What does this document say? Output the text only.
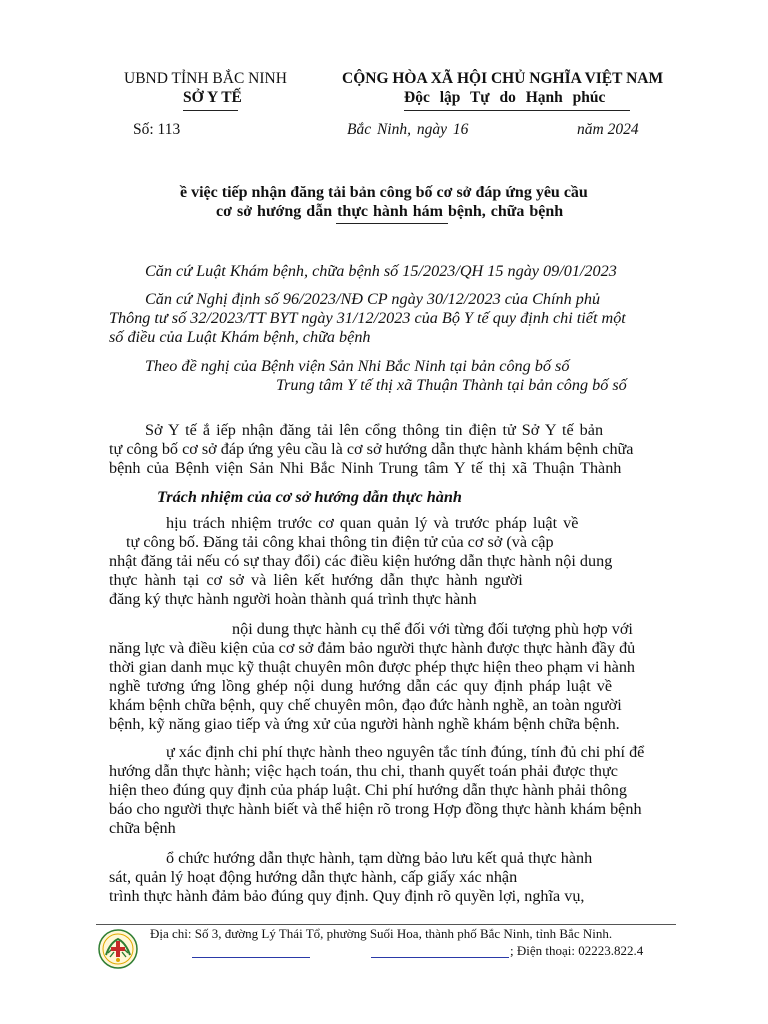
UBND TỈNH BẮC NINH
SỞ Y TẾ
CỘNG HÒA XÃ HỘI CHỦ NGHĨA VIỆT NAM
Độc lập Tự do Hạnh phúc
Số: 113	Bắc Ninh, ngày 16	năm 2024
ề việc tiếp nhận đăng tải bản công bố cơ sở đáp ứng yêu cầu
cơ sở hướng dẫn thực hành hám bệnh, chữa bệnh
Căn cứ Luật Khám bệnh, chữa bệnh số 15/2023/QH 15 ngày 09/01/2023
Căn cứ Nghị định số 96/2023/NĐ CP ngày 30/12/2023 của Chính phủ
Thông tư số 32/2023/TT BYT ngày 31/12/2023 của Bộ Y tế quy định chi tiết một
số điều của Luật Khám bệnh, chữa bệnh
Theo đề nghị của Bệnh viện Sản Nhi Bắc Ninh tại bản công bố số
Trung tâm Y tế thị xã Thuận Thành tại bản công bố số
Sở Y tế ắ iếp nhận đăng tải lên cổng thông tin điện tử Sở Y tế bản
tự công bố cơ sở đáp ứng yêu cầu là cơ sở hướng dẫn thực hành khám bệnh chữa
bệnh của Bệnh viện Sản Nhi Bắc Ninh Trung tâm Y tế thị xã Thuận Thành
Trách nhiệm của cơ sở hướng dẫn thực hành
hịu trách nhiệm trước cơ quan quản lý và trước pháp luật về
tự công bố. Đăng tải công khai thông tin điện tử của cơ sở (và cập
nhật đăng tải nếu có sự thay đổi) các điều kiện hướng dẫn thực hành nội dung
thực hành tại cơ sở và liên kết hướng dẫn thực hành người
đăng ký thực hành người hoàn thành quá trình thực hành
nội dung thực hành cụ thể đối với từng đối tượng phù hợp với
năng lực và điều kiện của cơ sở đảm bảo người thực hành được thực hành đầy đủ
thời gian danh mục kỹ thuật chuyên môn được phép thực hiện theo phạm vi hành
nghề tương ứng lồng ghép nội dung hướng dẫn các quy định pháp luật về
khám bệnh chữa bệnh, quy chế chuyên môn, đạo đức hành nghề, an toàn người
bệnh, kỹ năng giao tiếp và ứng xử của người hành nghề khám bệnh chữa bệnh.
ự xác định chi phí thực hành theo nguyên tắc tính đúng, tính đủ chi phí để
hướng dẫn thực hành; việc hạch toán, thu chi, thanh quyết toán phải được thực
hiện theo đúng quy định của pháp luật. Chi phí hướng dẫn thực hành phải thông
báo cho người thực hành biết và thể hiện rõ trong Hợp đồng thực hành khám bệnh
chữa bệnh
ổ chức hướng dẫn thực hành, tạm dừng bảo lưu kết quả thực hành
sát, quản lý hoạt động hướng dẫn thực hành, cấp giấy xác nhận
trình thực hành đảm bảo đúng quy định. Quy định rõ quyền lợi, nghĩa vụ,
Địa chỉ: Số 3, đường Lý Thái Tổ, phường Suối Hoa, thành phố Bắc Ninh, tỉnh Bắc Ninh.
; Điện thoại: 02223.822.4
